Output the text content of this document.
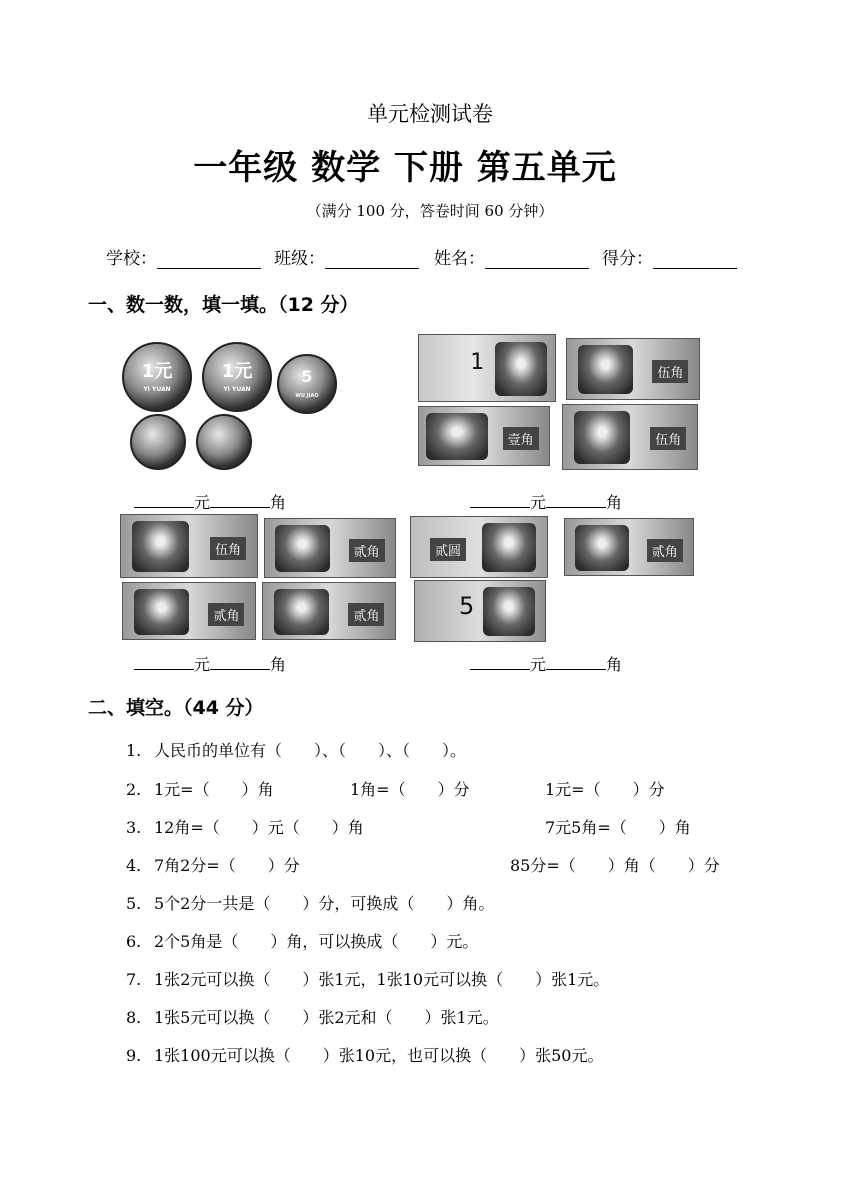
单元检测试卷
一年级 数学 下册 第五单元
（满分 100 分，答卷时间 60 分钟）
学校：	班级：	姓名：	得分：
一、数一数，填一填。（12 分）
1元
YI YUAN
1元
YI YUAN
5
WU JIAO
1	伍角
壹角	伍角
元	角	元	角
伍角	贰角
贰角	贰角
贰圆	贰角
5
元	角	元	角
二、填空。（44 分）
1. 人民币的单位有（　　）、（　　）、（　　）。
2. 1元=（　　）角	1角=（　　）分	1元=（　　）分
3. 12角=（　　）元（　　）角	7元5角=（　　）角
4. 7角2分=（　　）分	85分=（　　）角（　　）分
5. 5个2分一共是（　　）分，可换成（　　）角。
6. 2个5角是（　　）角，可以换成（　　）元。
7. 1张2元可以换（　　）张1元，1张10元可以换（　　）张1元。
8. 1张5元可以换（　　）张2元和（　　）张1元。
9. 1张100元可以换（　　）张10元，也可以换（　　）张50元。
